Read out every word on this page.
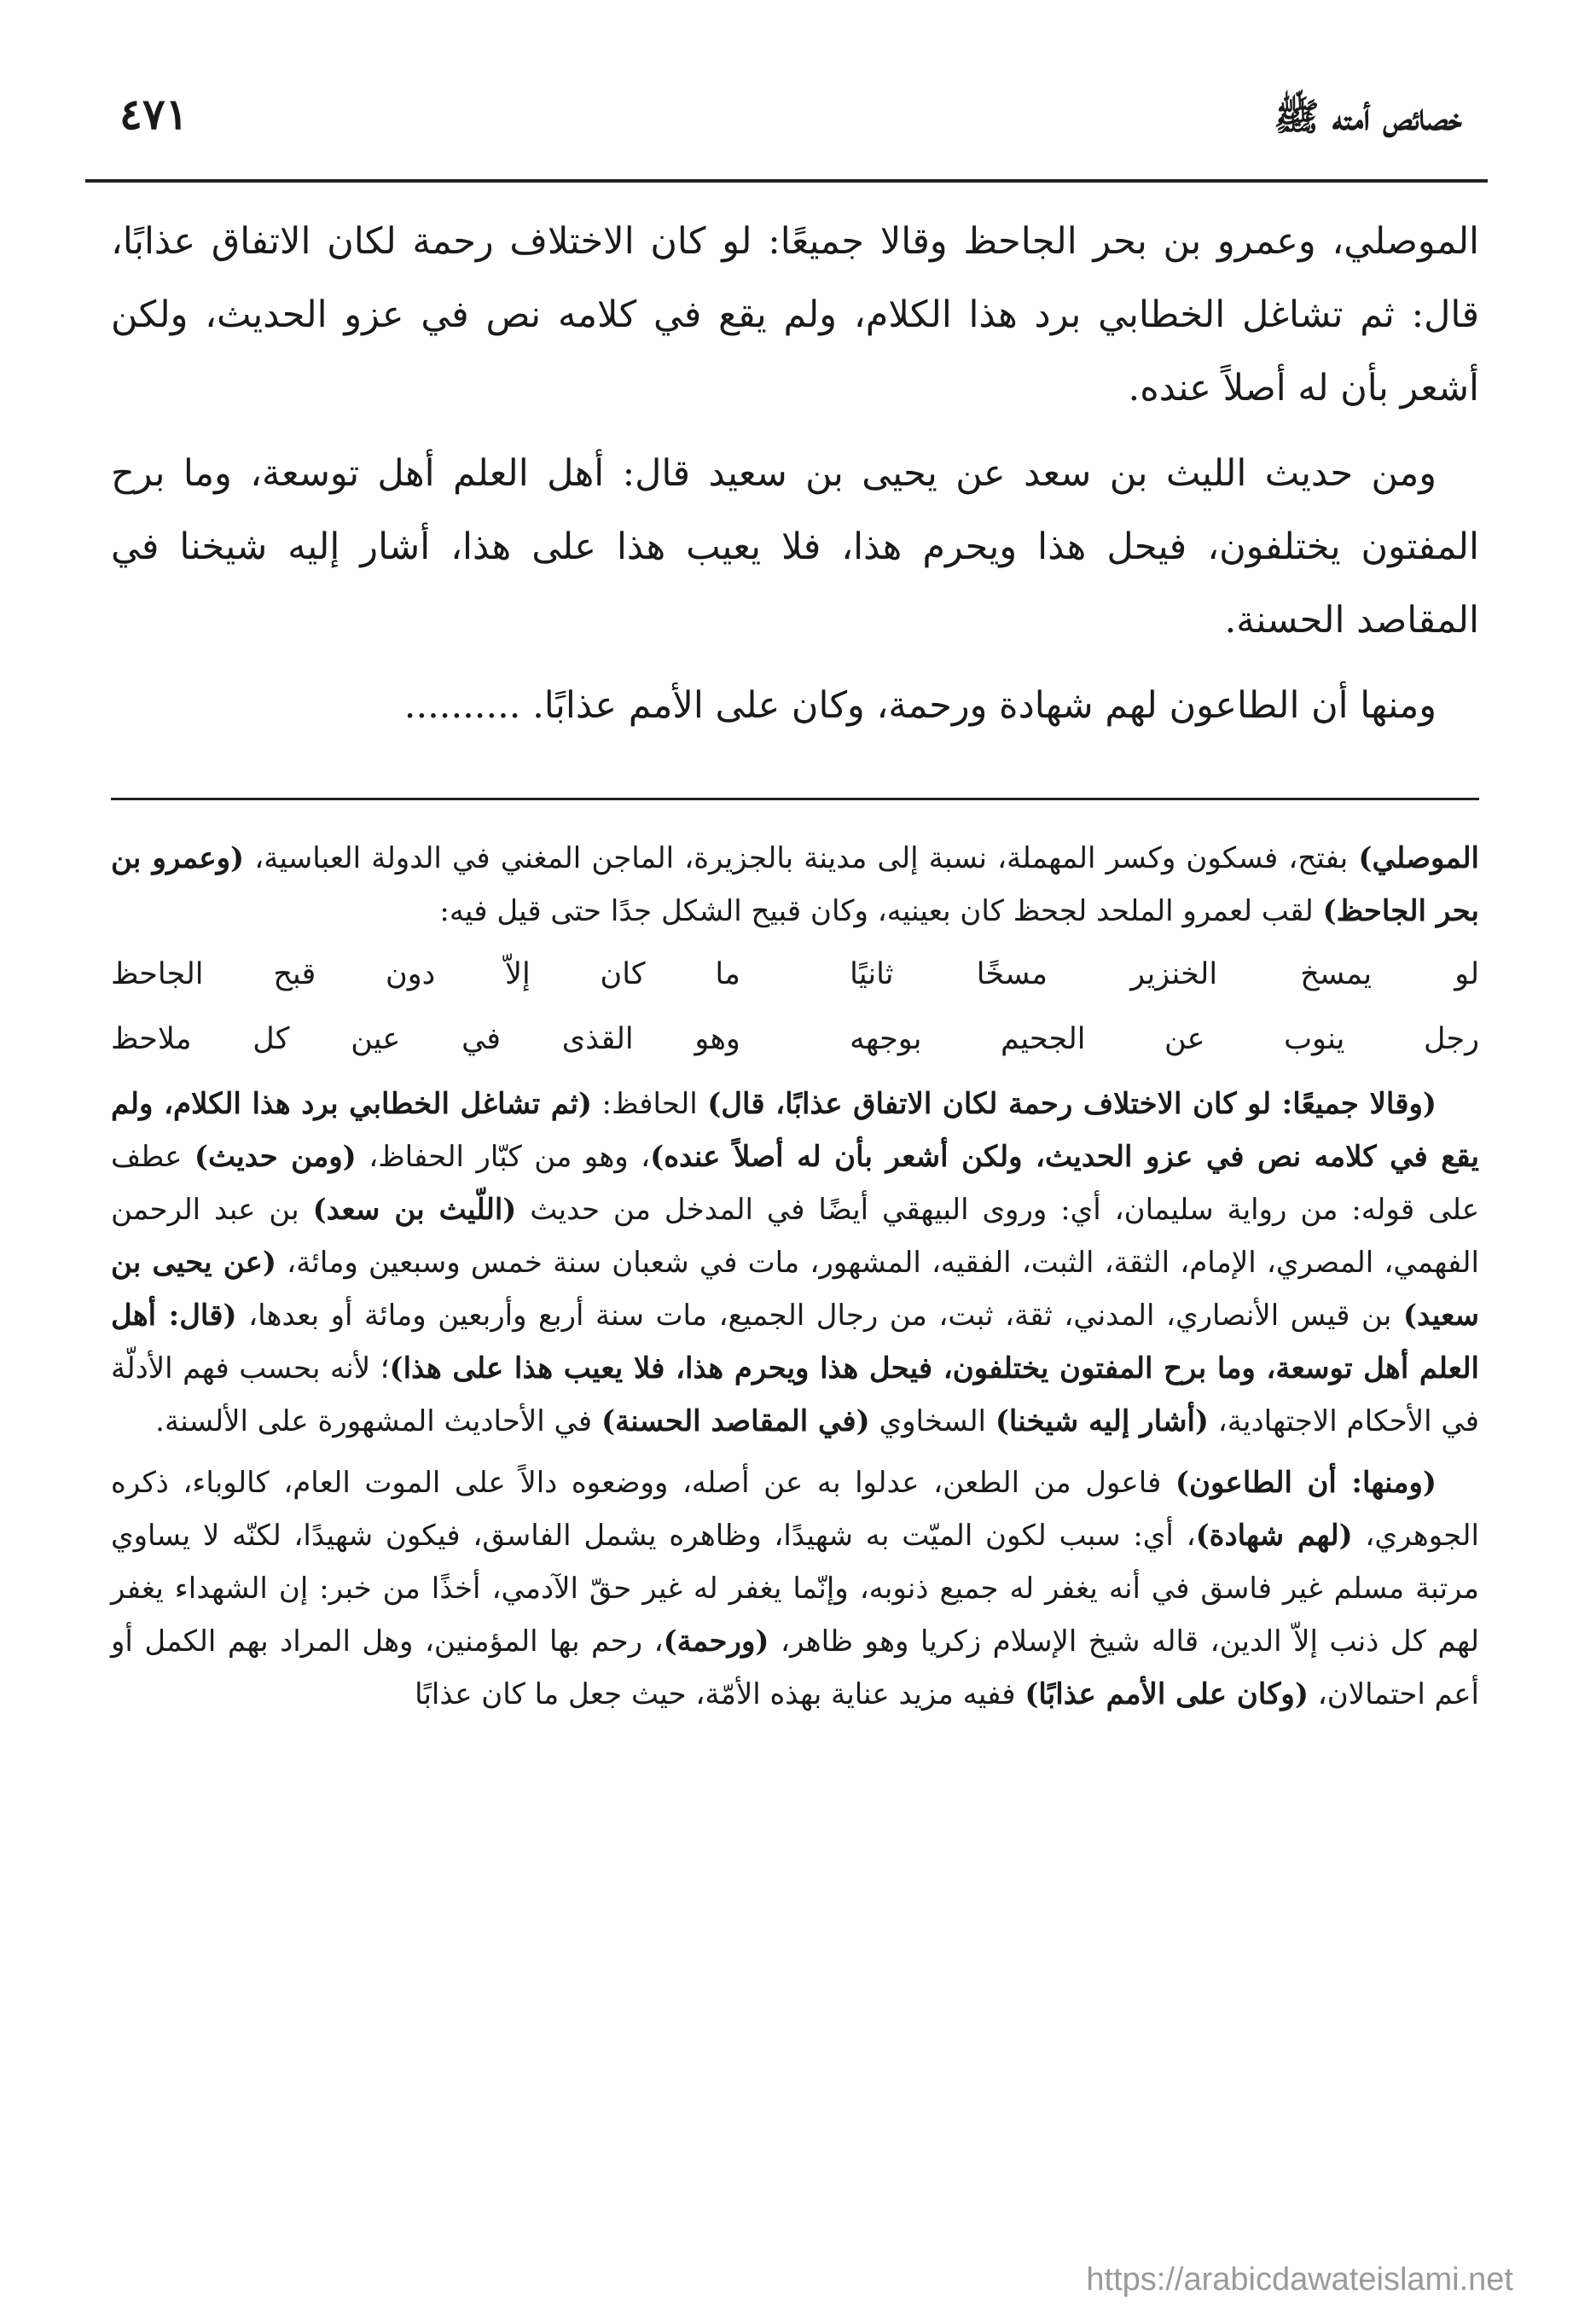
خصائص أمته ﷺ
٤٧١

الموصلي، وعمرو بن بحر الجاحظ وقالا جميعًا: لو كان الاختلاف رحمة لكان الاتفاق عذابًا، قال: ثم تشاغل الخطابي برد هذا الكلام، ولم يقع في كلامه نص في عزو الحديث، ولكن أشعر بأن له أصلاً عنده.

ومن حديث الليث بن سعد عن يحيى بن سعيد قال: أهل العلم أهل توسعة، وما برح المفتون يختلفون، فيحل هذا ويحرم هذا، فلا يعيب هذا على هذا، أشار إليه شيخنا في المقاصد الحسنة.

ومنها أن الطاعون لهم شهادة ورحمة، وكان على الأمم عذابًا. ..........

الموصلي) بفتح، فسكون وكسر المهملة، نسبة إلى مدينة بالجزيرة، الماجن المغني في الدولة العباسية، (وعمرو بن بحر الجاحظ) لقب لعمرو الملحد لجحظ كان بعينيه، وكان قبيح الشكل جدًا حتى قيل فيه:

لو يمسخ الخنزير مسخًا ثانيًا
ما كان إلاّ دون قبح الجاحظ
رجل ينوب عن الجحيم بوجهه
وهو القذى في عين كل ملاحظ

(وقالا جميعًا: لو كان الاختلاف رحمة لكان الاتفاق عذابًا، قال) الحافظ: (ثم تشاغل الخطابي برد هذا الكلام، ولم يقع في كلامه نص في عزو الحديث، ولكن أشعر بأن له أصلاً عنده)، وهو من كبّار الحفاظ، (ومن حديث) عطف على قوله: من رواية سليمان، أي: وروى البيهقي أيضًا في المدخل من حديث (اللّيث بن سعد) بن عبد الرحمن الفهمي، المصري، الإمام، الثقة، الثبت، الفقيه، المشهور، مات في شعبان سنة خمس وسبعين ومائة، (عن يحيى بن سعيد) بن قيس الأنصاري، المدني، ثقة، ثبت، من رجال الجميع، مات سنة أربع وأربعين ومائة أو بعدها، (قال: أهل العلم أهل توسعة، وما برح المفتون يختلفون، فيحل هذا ويحرم هذا، فلا يعيب هذا على هذا)؛ لأنه بحسب فهم الأدلّة في الأحكام الاجتهادية، (أشار إليه شيخنا) السخاوي (في المقاصد الحسنة) في الأحاديث المشهورة على الألسنة.

(ومنها: أن الطاعون) فاعول من الطعن، عدلوا به عن أصله، ووضعوه دالاً على الموت العام، كالوباء، ذكره الجوهري، (لهم شهادة)، أي: سبب لكون الميّت به شهيدًا، وظاهره يشمل الفاسق، فيكون شهيدًا، لكنّه لا يساوي مرتبة مسلم غير فاسق في أنه يغفر له جميع ذنوبه، وإنّما يغفر له غير حقّ الآدمي، أخذًا من خبر: إن الشهداء يغفر لهم كل ذنب إلاّ الدين، قاله شيخ الإسلام زكريا وهو ظاهر، (ورحمة)، رحم بها المؤمنين، وهل المراد بهم الكمل أو أعم احتمالان، (وكان على الأمم عذابًا) ففيه مزيد عناية بهذه الأمّة، حيث جعل ما كان عذابًا

https://arabicdawateislami.net
